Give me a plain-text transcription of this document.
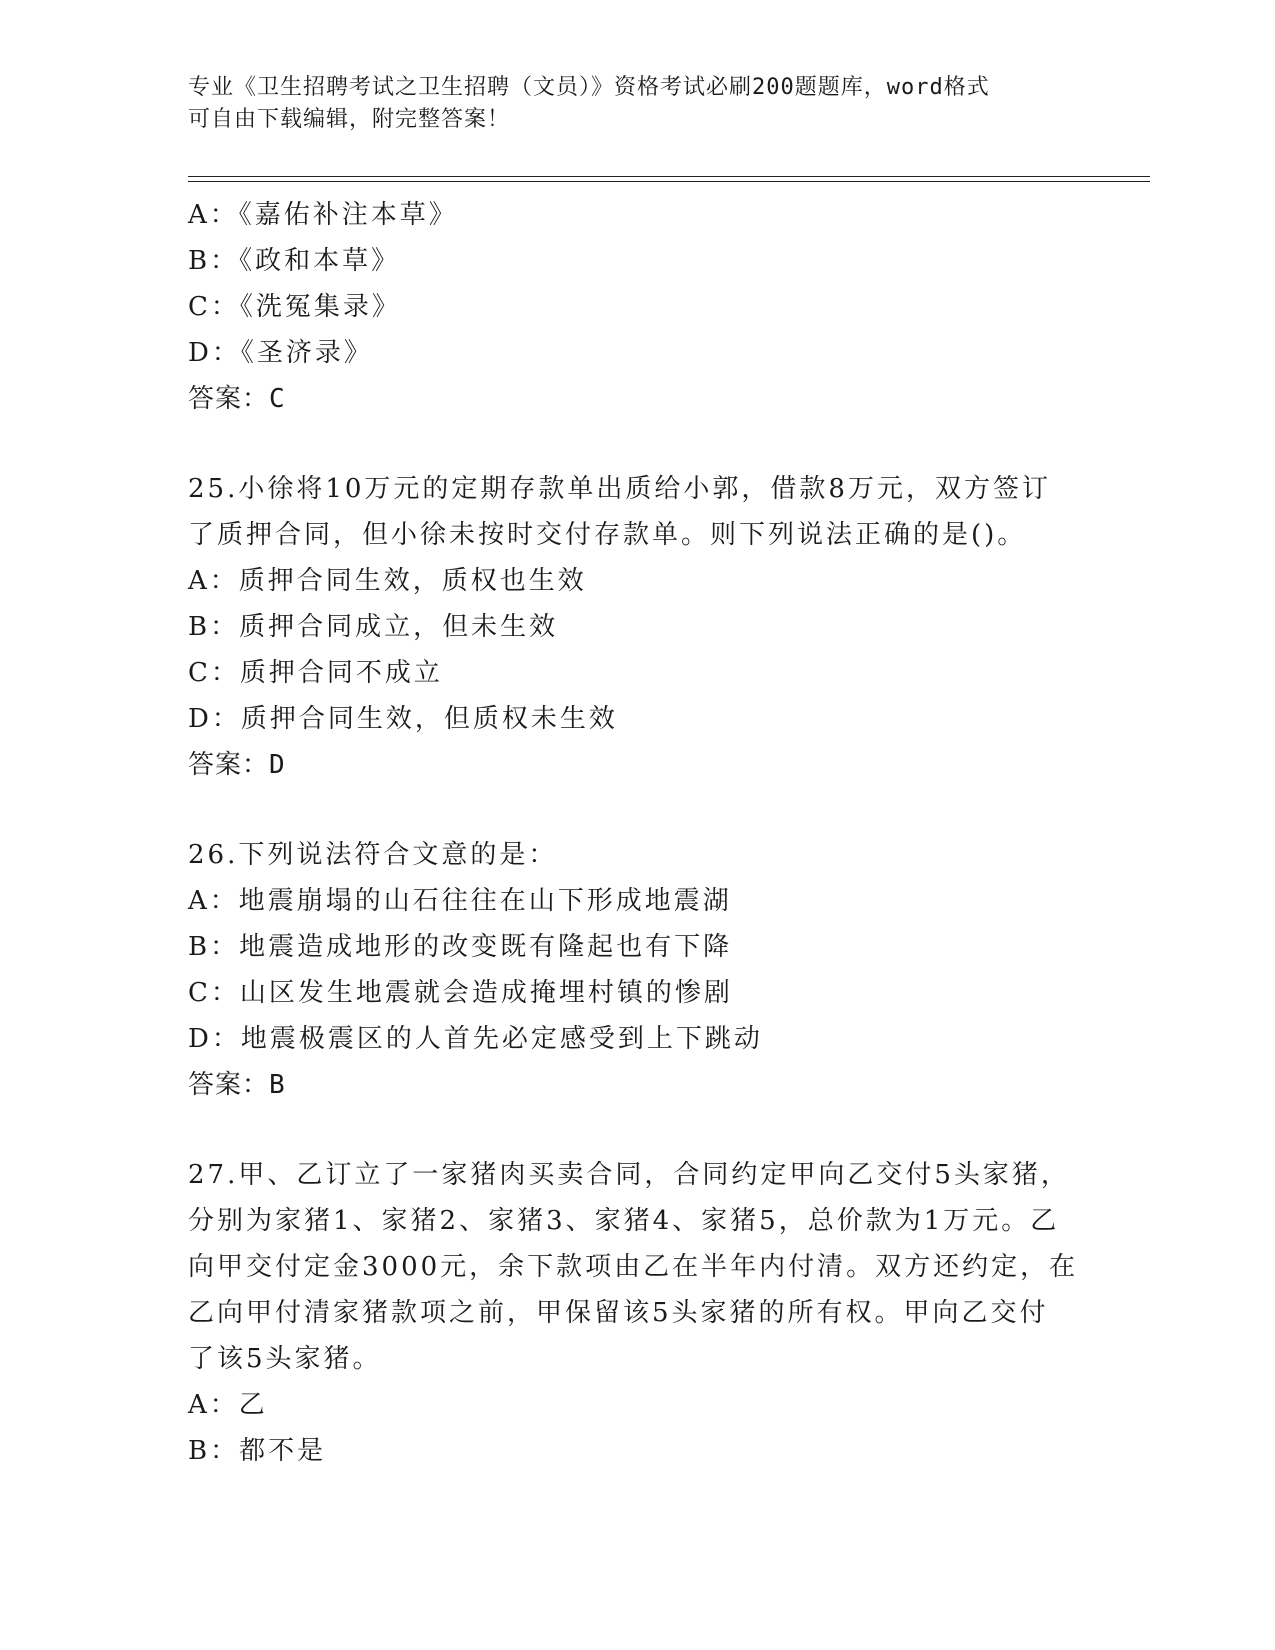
专业《卫生招聘考试之卫生招聘（文员）》资格考试必刷200题题库，word格式
可自由下载编辑，附完整答案！
A：《嘉佑补注本草》
B：《政和本草》
C：《洗冤集录》
D：《圣济录》
答案：C
25.小徐将10万元的定期存款单出质给小郭，借款8万元，双方签订
了质押合同，但小徐未按时交付存款单。则下列说法正确的是()。
A：质押合同生效，质权也生效
B：质押合同成立，但未生效
C：质押合同不成立
D：质押合同生效，但质权未生效
答案：D
26.下列说法符合文意的是：
A：地震崩塌的山石往往在山下形成地震湖
B：地震造成地形的改变既有隆起也有下降
C：山区发生地震就会造成掩埋村镇的惨剧
D：地震极震区的人首先必定感受到上下跳动
答案：B
27.甲、乙订立了一家猪肉买卖合同，合同约定甲向乙交付5头家猪，
分别为家猪1、家猪2、家猪3、家猪4、家猪5，总价款为1万元。乙
向甲交付定金3000元，余下款项由乙在半年内付清。双方还约定，在
乙向甲付清家猪款项之前，甲保留该5头家猪的所有权。甲向乙交付
了该5头家猪。
A：乙
B：都不是
